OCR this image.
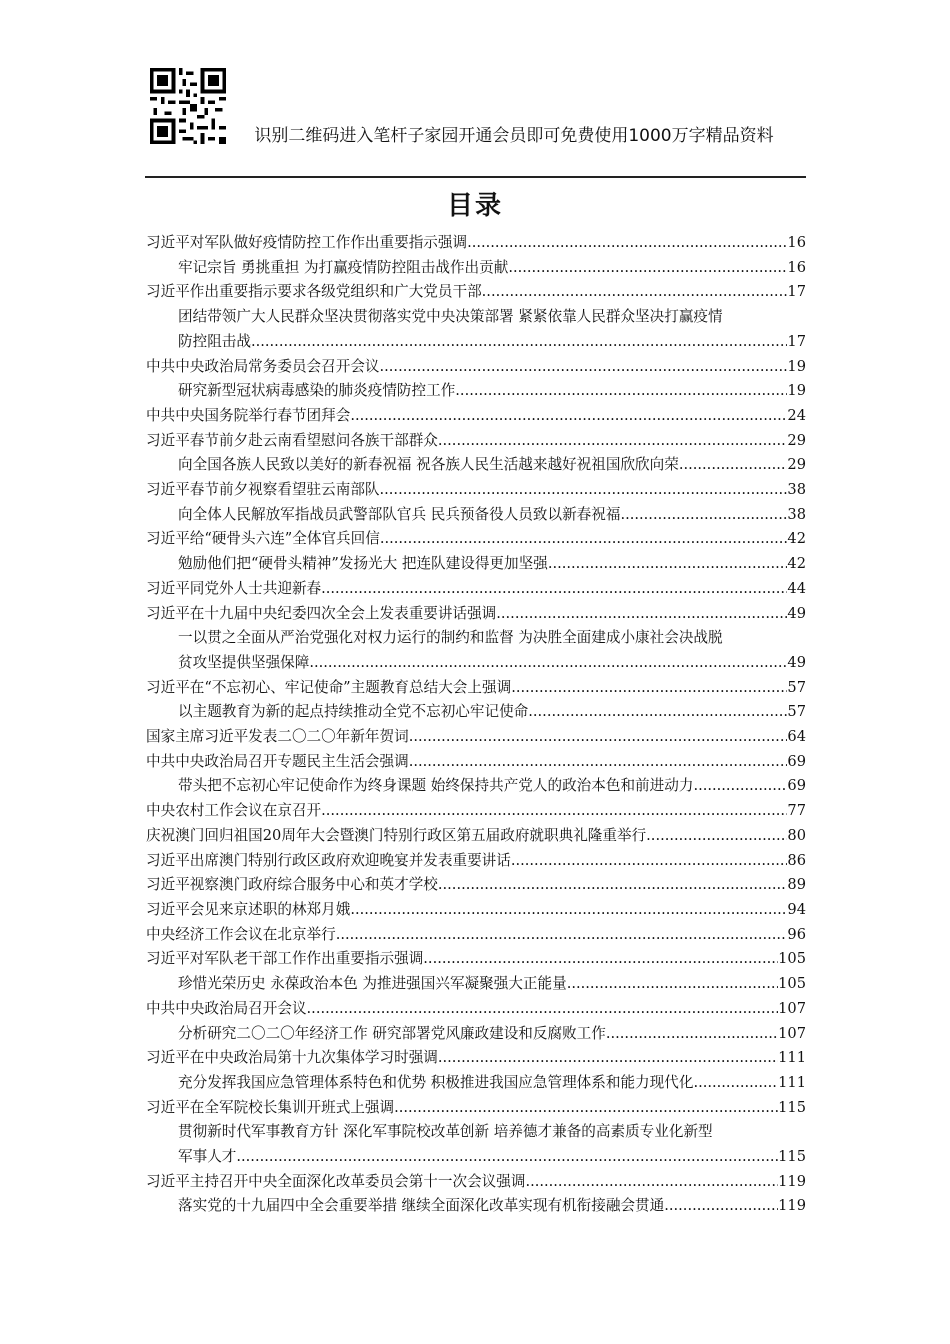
识别二维码进入笔杆子家园开通会员即可免费使用1000万字精品资料
目录
习近平对军队做好疫情防控工作作出重要指示强调 .....	16
牢记宗旨 勇挑重担 为打赢疫情防控阻击战作出贡献 .....	16
习近平作出重要指示要求各级党组织和广大党员干部 .....	17
团结带领广大人民群众坚决贯彻落实党中央决策部署 紧紧依靠人民群众坚决打赢疫情
防控阻击战 .....	17
中共中央政治局常务委员会召开会议 .....	19
研究新型冠状病毒感染的肺炎疫情防控工作 .....	19
中共中央国务院举行春节团拜会 .....	24
习近平春节前夕赴云南看望慰问各族干部群众 .....	29
向全国各族人民致以美好的新春祝福 祝各族人民生活越来越好祝祖国欣欣向荣 .....	29
习近平春节前夕视察看望驻云南部队 .....	38
向全体人民解放军指战员武警部队官兵 民兵预备役人员致以新春祝福 .....	38
习近平给“硬骨头六连”全体官兵回信 .....	42
勉励他们把“硬骨头精神”发扬光大 把连队建设得更加坚强 .....	42
习近平同党外人士共迎新春 .....	44
习近平在十九届中央纪委四次全会上发表重要讲话强调 .....	49
一以贯之全面从严治党强化对权力运行的制约和监督 为决胜全面建成小康社会决战脱
贫攻坚提供坚强保障 .....	49
习近平在“不忘初心、牢记使命”主题教育总结大会上强调 .....	57
以主题教育为新的起点持续推动全党不忘初心牢记使命 .....	57
国家主席习近平发表二〇二〇年新年贺词 .....	64
中共中央政治局召开专题民主生活会强调 .....	69
带头把不忘初心牢记使命作为终身课题 始终保持共产党人的政治本色和前进动力 .....	69
中央农村工作会议在京召开 .....	77
庆祝澳门回归祖国20周年大会暨澳门特别行政区第五届政府就职典礼隆重举行 .....	80
习近平出席澳门特别行政区政府欢迎晚宴并发表重要讲话 .....	86
习近平视察澳门政府综合服务中心和英才学校 .....	89
习近平会见来京述职的林郑月娥 .....	94
中央经济工作会议在北京举行 .....	96
习近平对军队老干部工作作出重要指示强调 .....	105
珍惜光荣历史 永葆政治本色 为推进强国兴军凝聚强大正能量 .....	105
中共中央政治局召开会议 .....	107
分析研究二〇二〇年经济工作 研究部署党风廉政建设和反腐败工作 .....	107
习近平在中央政治局第十九次集体学习时强调 .....	111
充分发挥我国应急管理体系特色和优势 积极推进我国应急管理体系和能力现代化 .....	111
习近平在全军院校长集训开班式上强调 .....	115
贯彻新时代军事教育方针 深化军事院校改革创新 培养德才兼备的高素质专业化新型
军事人才 .....	115
习近平主持召开中央全面深化改革委员会第十一次会议强调 .....	119
落实党的十九届四中全会重要举措 继续全面深化改革实现有机衔接融会贯通 .....	119
